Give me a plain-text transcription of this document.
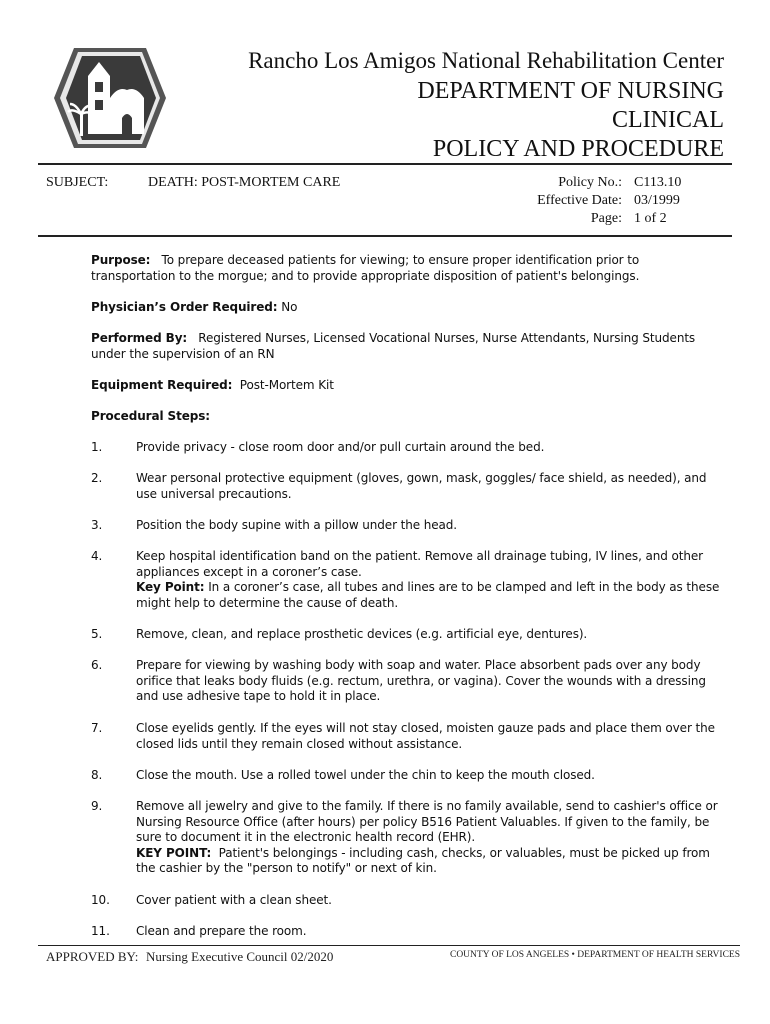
Rancho Los Amigos National Rehabilitation Center
DEPARTMENT OF NURSING
CLINICAL
POLICY AND PROCEDURE
SUBJECT:	DEATH: POST-MORTEM CARE	Policy No.: C113.10
Effective Date: 03/1999
Page: 1 of 2
Purpose: To prepare deceased patients for viewing; to ensure proper identification prior to transportation to the morgue; and to provide appropriate disposition of patient's belongings.
Physician’s Order Required: No
Performed By: Registered Nurses, Licensed Vocational Nurses, Nurse Attendants, Nursing Students under the supervision of an RN
Equipment Required: Post-Mortem Kit
Procedural Steps:
1.	Provide privacy - close room door and/or pull curtain around the bed.
2.	Wear personal protective equipment (gloves, gown, mask, goggles/ face shield, as needed), and use universal precautions.
3.	Position the body supine with a pillow under the head.
4.	Keep hospital identification band on the patient. Remove all drainage tubing, IV lines, and other appliances except in a coroner’s case.
Key Point: In a coroner’s case, all tubes and lines are to be clamped and left in the body as these might help to determine the cause of death.
5.	Remove, clean, and replace prosthetic devices (e.g. artificial eye, dentures).
6.	Prepare for viewing by washing body with soap and water. Place absorbent pads over any body orifice that leaks body fluids (e.g. rectum, urethra, or vagina). Cover the wounds with a dressing and use adhesive tape to hold it in place.
7.	Close eyelids gently. If the eyes will not stay closed, moisten gauze pads and place them over the closed lids until they remain closed without assistance.
8.	Close the mouth. Use a rolled towel under the chin to keep the mouth closed.
9.	Remove all jewelry and give to the family. If there is no family available, send to cashier's office or Nursing Resource Office (after hours) per policy B516 Patient Valuables. If given to the family, be sure to document it in the electronic health record (EHR).
KEY POINT: Patient's belongings - including cash, checks, or valuables, must be picked up from the cashier by the "person to notify" or next of kin.
10. Cover patient with a clean sheet.
11. Clean and prepare the room.
APPROVED BY: Nursing Executive Council 02/2020	COUNTY OF LOS ANGELES • DEPARTMENT OF HEALTH SERVICES
